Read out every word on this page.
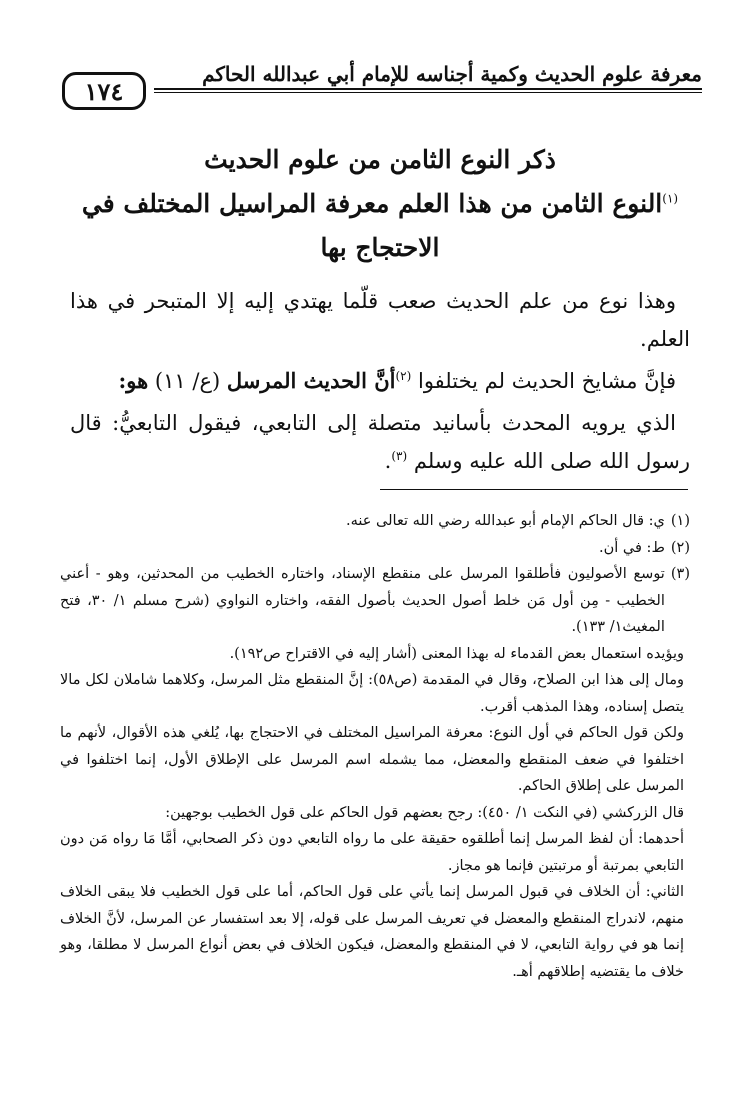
معرفة علوم الحديث وكمية أجناسه للإمام أبي عبدالله الحاكم
١٧٤

ذكر النوع الثامن من علوم الحديث

$^{(١)}$النوع الثامن من هذا العلم معرفة المراسيل المختلف في

الاحتجاج بها

وهذا نوع من علم الحديث صعب قلّما يهتدي إليه إلا المتبحر في هذا العلم.

فإنَّ مشايخ الحديث لم يختلفوا $^{(٢)}$أنَّ الحديث المرسل (ع/ ١١) هو:

الذي يرويه المحدث بأسانيد متصلة إلى التابعي، فيقول التابعيُّ: قال رسول الله صلى الله عليه وسلم $^{(٣)}$.

(١)
ي: قال الحاكم الإمام أبو عبدالله رضي الله تعالى عنه.
(٢)
ط: في أن.
(٣)
توسع الأصوليون فأطلقوا المرسل على منقطع الإسناد، واختاره الخطيب من المحدثين، وهو - أعني الخطيب - مِن أول مَن خلط أصول الحديث بأصول الفقه، واختاره النواوي (شرح مسلم ١/ ٣٠، فتح المغيث١/ ١٣٣).

ويؤيده استعمال بعض القدماء له بهذا المعنى (أشار إليه في الاقتراح ص١٩٢).

ومال إلى هذا ابن الصلاح، وقال في المقدمة (ص٥٨): إنَّ المنقطع مثل المرسل، وكلاهما شاملان لكل مالا يتصل إسناده، وهذا المذهب أقرب.

ولكن قول الحاكم في أول النوع: معرفة المراسيل المختلف في الاحتجاج بها، يُلغي هذه الأقوال، لأنهم ما اختلفوا في ضعف المنقطع والمعضل، مما يشمله اسم المرسل على الإطلاق الأول، إنما اختلفوا في المرسل على إطلاق الحاكم.

قال الزركشي (في النكت ١/ ٤٥٠): رجح بعضهم قول الحاكم على قول الخطيب بوجهين:

أحدهما: أن لفظ المرسل إنما أطلقوه حقيقة على ما رواه التابعي دون ذكر الصحابي، أمَّا مَا رواه مَن دون التابعي بمرتبة أو مرتبتين فإنما هو مجاز.

الثاني: أن الخلاف في قبول المرسل إنما يأتي على قول الحاكم، أما على قول الخطيب فلا يبقى الخلاف منهم، لاندراج المنقطع والمعضل في تعريف المرسل على قوله، إلا بعد استفسار عن المرسل، لأنَّ الخلاف إنما هو في رواية التابعي، لا في المنقطع والمعضل، فيكون الخلاف في بعض أنواع المرسل لا مطلقا، وهو خلاف ما يقتضيه إطلاقهم أهـ.
